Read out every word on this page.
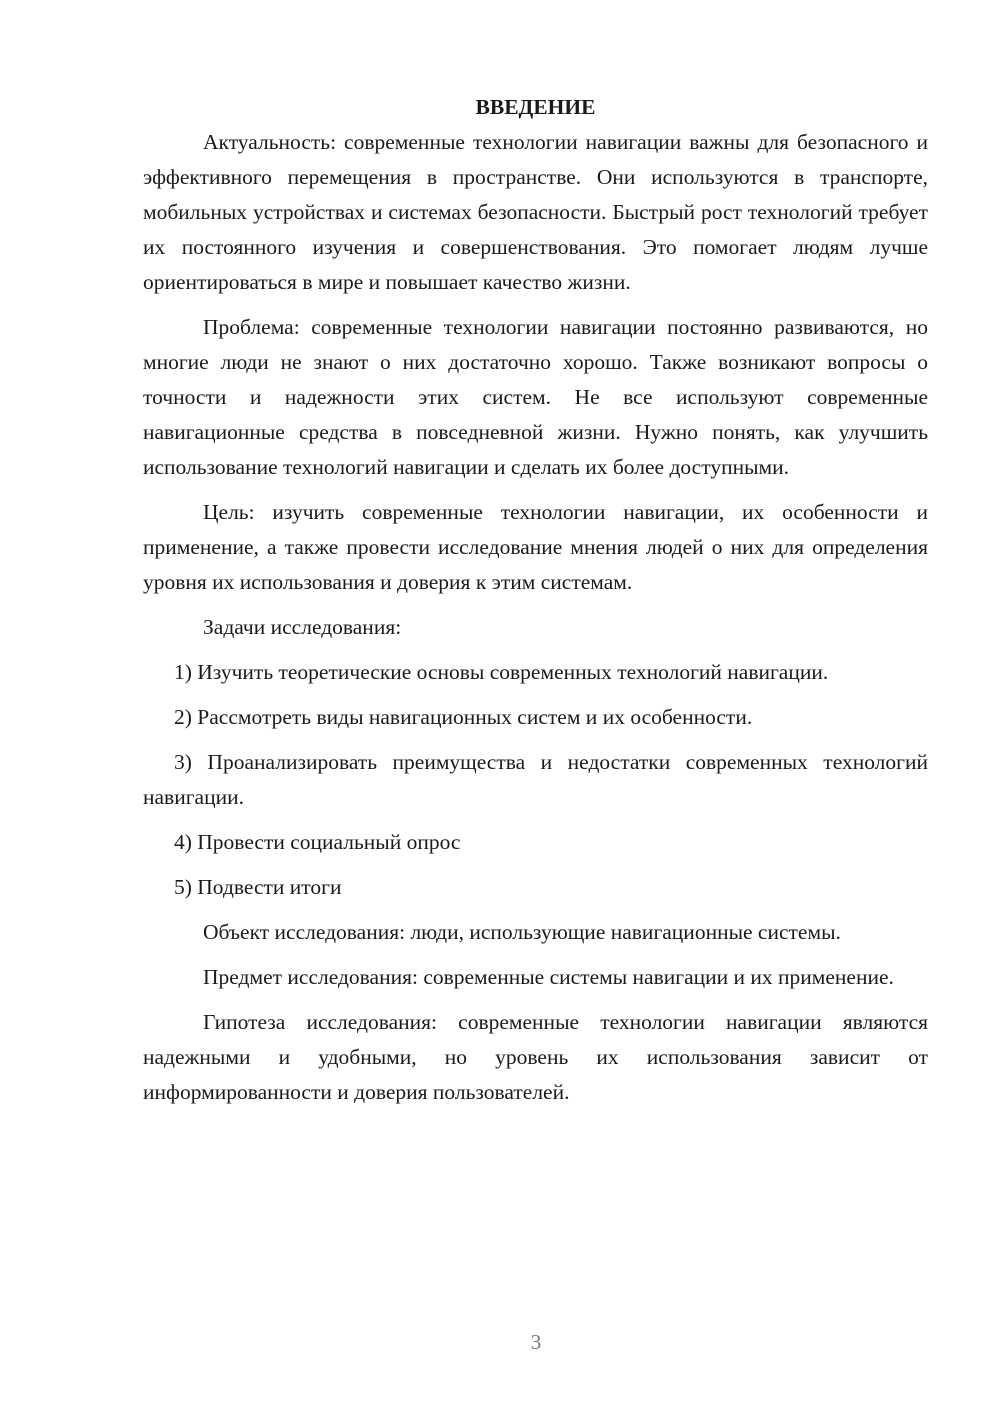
ВВЕДЕНИЕ

Актуальность: современные технологии навигации важны для безопасного и эффективного перемещения в пространстве. Они используются в транспорте, мобильных устройствах и системах безопасности. Быстрый рост технологий требует их постоянного изучения и совершенствования. Это помогает людям лучше ориентироваться в мире и повышает качество жизни.

Проблема: современные технологии навигации постоянно развиваются, но многие люди не знают о них достаточно хорошо. Также возникают вопросы о точности и надежности этих систем. Не все используют современные навигационные средства в повседневной жизни. Нужно понять, как улучшить использование технологий навигации и сделать их более доступными.

Цель: изучить современные технологии навигации, их особенности и применение, а также провести исследование мнения людей о них для определения уровня их использования и доверия к этим системам.

Задачи исследования:

1) Изучить теоретические основы современных технологий навигации.

2) Рассмотреть виды навигационных систем и их особенности.

3) Проанализировать преимущества и недостатки современных технологий навигации.

4) Провести социальный опрос

5) Подвести итоги

Объект исследования: люди, использующие навигационные системы.

Предмет исследования: современные системы навигации и их применение.

Гипотеза исследования: современные технологии навигации являются надежными и удобными, но уровень их использования зависит от информированности и доверия пользователей.

3
